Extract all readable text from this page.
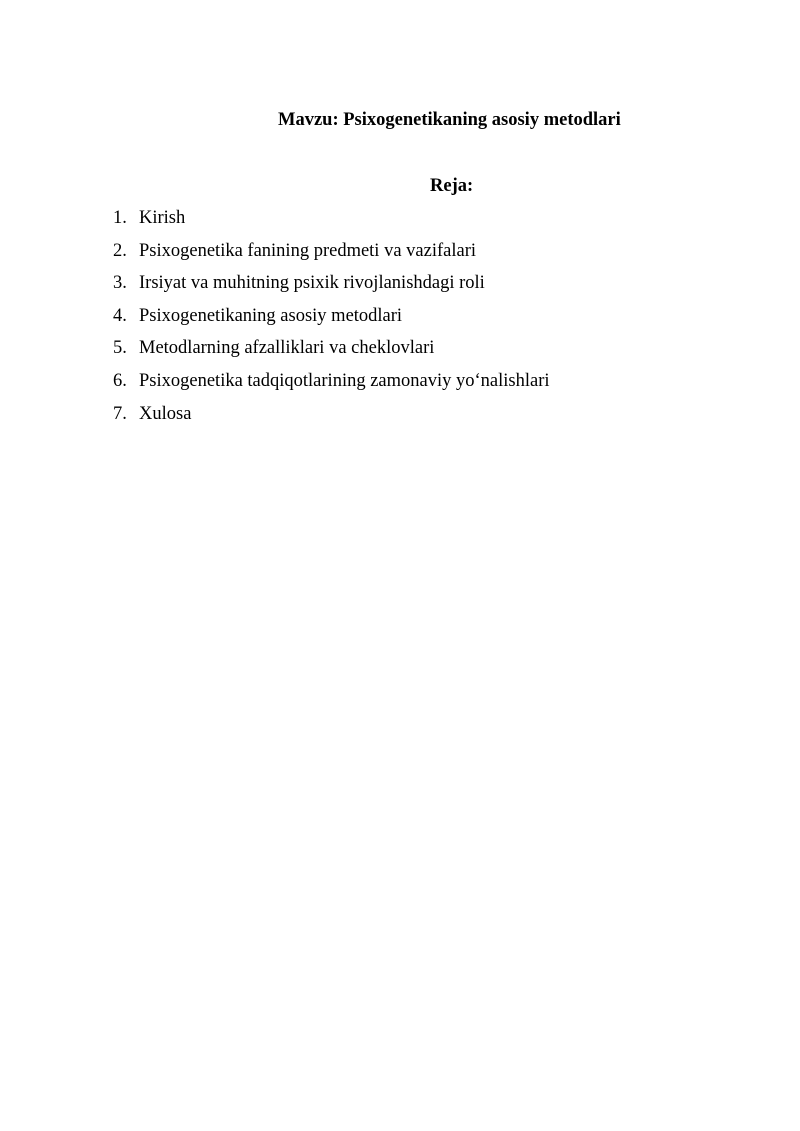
Mavzu: Psixogenetikaning asosiy metodlari
Reja:
1. Kirish
2. Psixogenetika fanining predmeti va vazifalari
3. Irsiyat va muhitning psixik rivojlanishdagi roli
4. Psixogenetikaning asosiy metodlari
5. Metodlarning afzalliklari va cheklovlari
6. Psixogenetika tadqiqotlarining zamonaviy yo‘nalishlari
7. Xulosa
